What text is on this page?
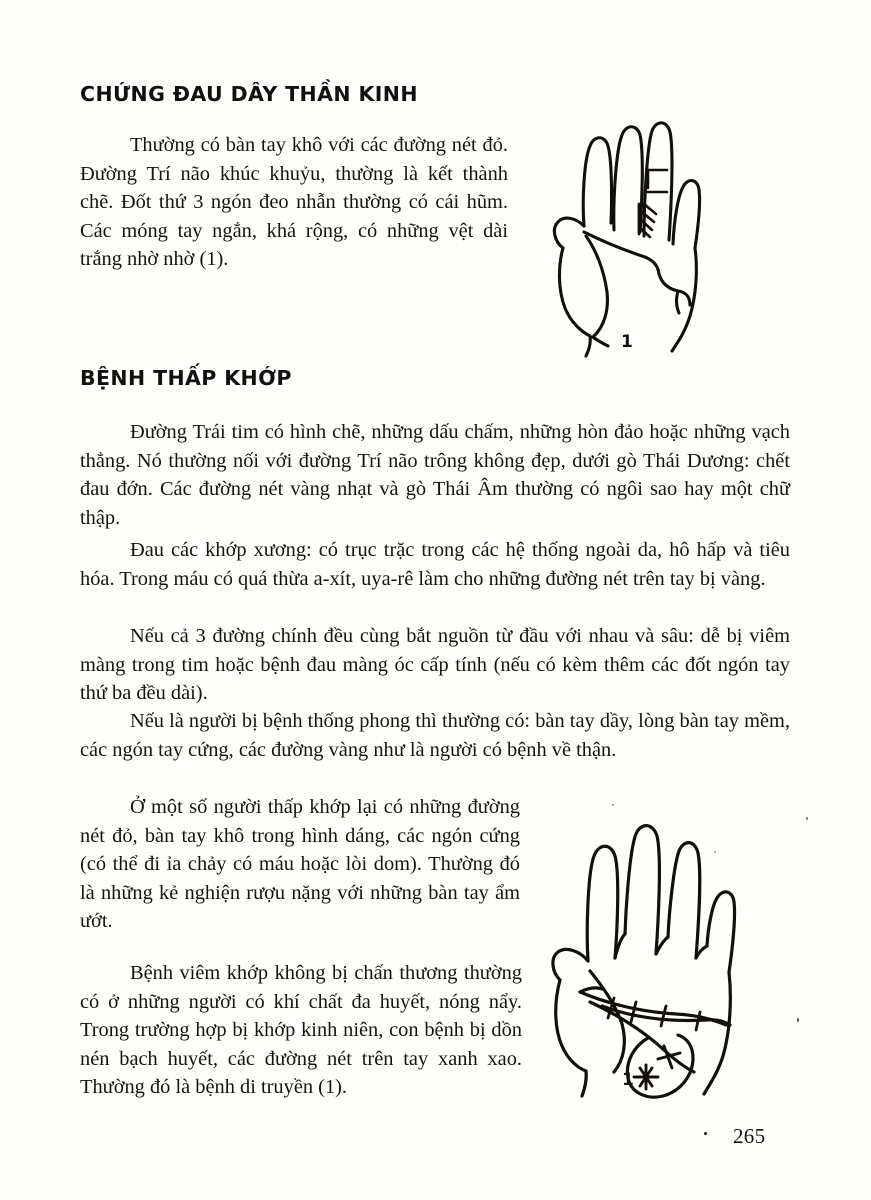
CHỨNG ĐAU DÂY THẦN KINH
Thường có bàn tay khô với các đường nét đỏ. Đường Trí não khúc khuỷu, thường là kết thành chẽ. Đốt thứ 3 ngón đeo nhẫn thường có cái hũm. Các móng tay ngắn, khá rộng, có những vệt dài trắng nhờ nhờ (1).
1
BỆNH THẤP KHỚP
Đường Trái tim có hình chẽ, những dấu chấm, những hòn đảo hoặc những vạch thẳng. Nó thường nối với đường Trí não trông không đẹp, dưới gò Thái Dương: chết đau đớn. Các đường nét vàng nhạt và gò Thái Âm thường có ngôi sao hay một chữ thập.
Đau các khớp xương: có trục trặc trong các hệ thống ngoài da, hô hấp và tiêu hóa. Trong máu có quá thừa a-xít, uya-rê làm cho những đường nét trên tay bị vàng.
Nếu cả 3 đường chính đều cùng bắt nguồn từ đầu với nhau và sâu: dễ bị viêm màng trong tim hoặc bệnh đau màng óc cấp tính (nếu có kèm thêm các đốt ngón tay thứ ba đều dài).
Nếu là người bị bệnh thống phong thì thường có: bàn tay dầy, lòng bàn tay mềm, các ngón tay cứng, các đường vàng như là người có bệnh về thận.
Ở một số người thấp khớp lại có những đường nét đỏ, bàn tay khô trong hình dáng, các ngón cứng (có thể đi ỉa chảy có máu hoặc lòi dom). Thường đó là những kẻ nghiện rượu nặng với những bàn tay ẩm ướt.
Bệnh viêm khớp không bị chấn thương thường có ở những người có khí chất đa huyết, nóng nẩy. Trong trường hợp bị khớp kinh niên, con bệnh bị dồn nén bạch huyết, các đường nét trên tay xanh xao. Thường đó là bệnh di truyền (1).	1
265
